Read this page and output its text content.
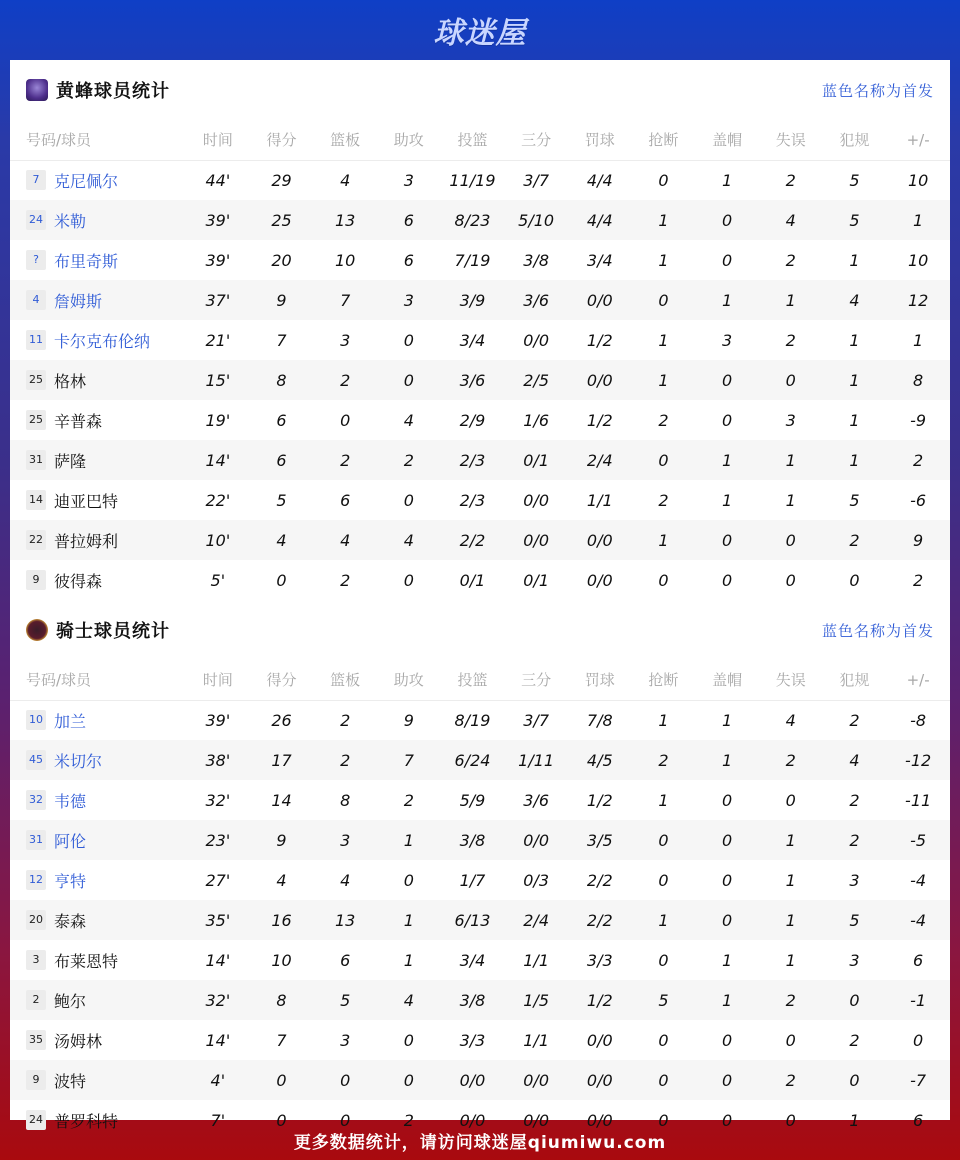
球迷屋
黄蜂球员统计	蓝色名称为首发
号码/球员	时间	得分	篮板	助攻	投篮	三分	罚球	抢断	盖帽	失误	犯规	+/-
7 克尼佩尔	44'	29	4	3	11/19	3/7	4/4	0	1	2	5	10
24 米勒	39'	25	13	6	8/23	5/10	4/4	1	0	4	5	1
? 布里奇斯	39'	20	10	6	7/19	3/8	3/4	1	0	2	1	10
4 詹姆斯	37'	9	7	3	3/9	3/6	0/0	0	1	1	4	12
11 卡尔克布伦纳	21'	7	3	0	3/4	0/0	1/2	1	3	2	1	1
25 格林	15'	8	2	0	3/6	2/5	0/0	1	0	0	1	8
25 辛普森	19'	6	0	4	2/9	1/6	1/2	2	0	3	1	-9
31 萨隆	14'	6	2	2	2/3	0/1	2/4	0	1	1	1	2
14 迪亚巴特	22'	5	6	0	2/3	0/0	1/1	2	1	1	5	-6
22 普拉姆利	10'	4	4	4	2/2	0/0	0/0	1	0	0	2	9
9 彼得森	5'	0	2	0	0/1	0/1	0/0	0	0	0	0	2
骑士球员统计	蓝色名称为首发
号码/球员	时间	得分	篮板	助攻	投篮	三分	罚球	抢断	盖帽	失误	犯规	+/-
10 加兰	39'	26	2	9	8/19	3/7	7/8	1	1	4	2	-8
45 米切尔	38'	17	2	7	6/24	1/11	4/5	2	1	2	4	-12
32 韦德	32'	14	8	2	5/9	3/6	1/2	1	0	0	2	-11
31 阿伦	23'	9	3	1	3/8	0/0	3/5	0	0	1	2	-5
12 亨特	27'	4	4	0	1/7	0/3	2/2	0	0	1	3	-4
20 泰森	35'	16	13	1	6/13	2/4	2/2	1	0	1	5	-4
3 布莱恩特	14'	10	6	1	3/4	1/1	3/3	0	1	1	3	6
2 鲍尔	32'	8	5	4	3/8	1/5	1/2	5	1	2	0	-1
35 汤姆林	14'	7	3	0	3/3	1/1	0/0	0	0	0	2	0
9 波特	4'	0	0	0	0/0	0/0	0/0	0	0	2	0	-7
24 普罗科特	7'	0	0	2	0/0	0/0	0/0	0	0	0	1	6
更多数据统计，请访问球迷屋qiumiwu.com
